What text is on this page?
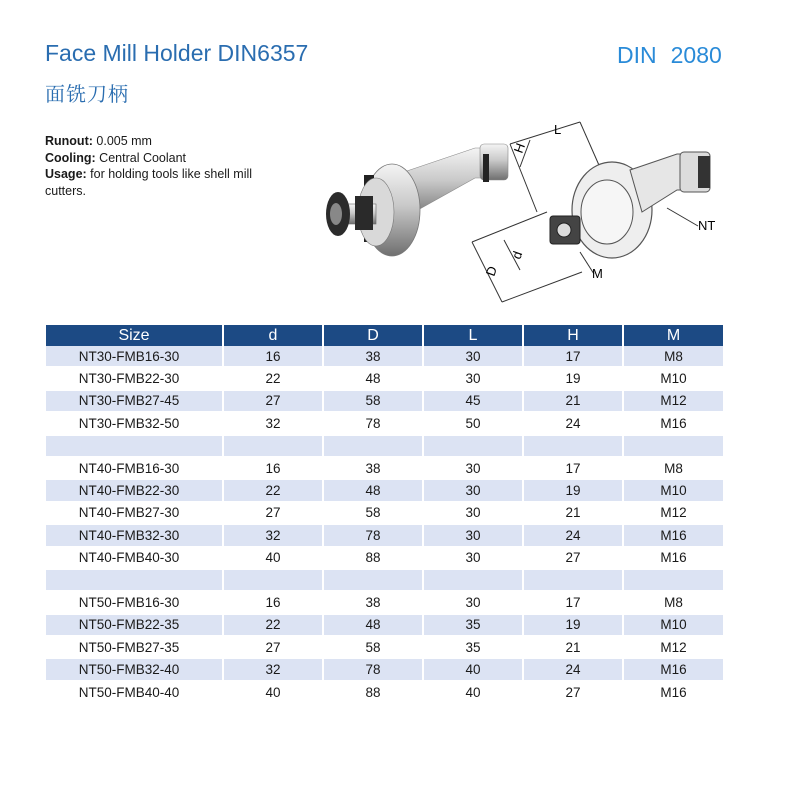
Face Mill Holder DIN6357
面铣刀柄
DIN 2080
Runout: 0.005 mm
Cooling: Central Coolant
Usage: for holding tools like shell mill cutters.
L
H
D
d
M
NT
Size	d	D	L	H	M
NT30-FMB16-30	16	38	30	17	M8
NT30-FMB22-30	22	48	30	19	M10
NT30-FMB27-45	27	58	45	21	M12
NT30-FMB32-50	32	78	50	24	M16

NT40-FMB16-30	16	38	30	17	M8
NT40-FMB22-30	22	48	30	19	M10
NT40-FMB27-30	27	58	30	21	M12
NT40-FMB32-30	32	78	30	24	M16
NT40-FMB40-30	40	88	30	27	M16

NT50-FMB16-30	16	38	30	17	M8
NT50-FMB22-35	22	48	35	19	M10
NT50-FMB27-35	27	58	35	21	M12
NT50-FMB32-40	32	78	40	24	M16
NT50-FMB40-40	40	88	40	27	M16
